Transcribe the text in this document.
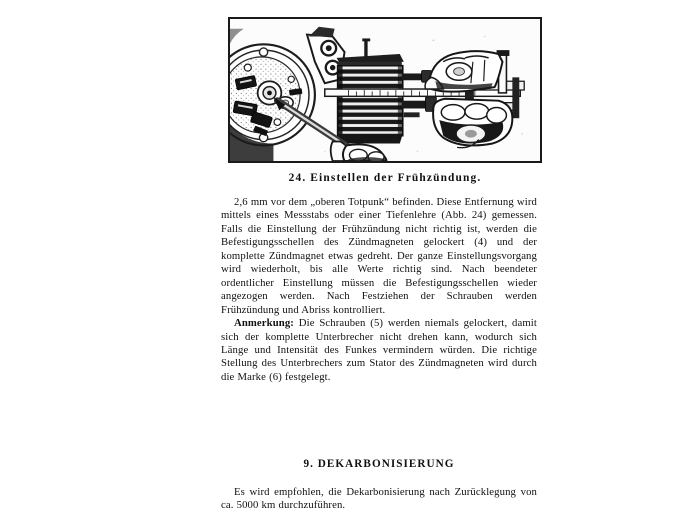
24. Einstellen der Frühzündung.

2,6 mm vor dem „oberen Totpunk“ befinden. Diese Entfernung wird mittels eines Messstabs oder einer Tiefenlehre (Abb. 24) gemessen. Falls die Einstellung der Frühzündung nicht richtig ist, werden die Befestigungsschellen des Zündmagneten gelockert (4) und der komplette Zündmagnet etwas gedreht. Der ganze Einstellungsvorgang wird wiederholt, bis alle Werte richtig sind. Nach beendeter ordentlicher Einstellung müssen die Befestigungsschellen wieder angezogen werden. Nach Festziehen der Schrauben werden Frühzündung und Abriss kontrolliert.

Anmerkung: Die Schrauben (5) werden niemals gelockert, damit sich der komplette Unterbrecher nicht drehen kann, wodurch sich Länge und Intensität des Funkes vermindern würden. Die richtige Stellung des Unterbrechers zum Stator des Zündmagneten wird durch die Marke (6) festgelegt.

9. DEKARBONISIERUNG

Es wird empfohlen, die Dekarbonisierung nach Zurücklegung von ca. 5000 km durchzuführen.
